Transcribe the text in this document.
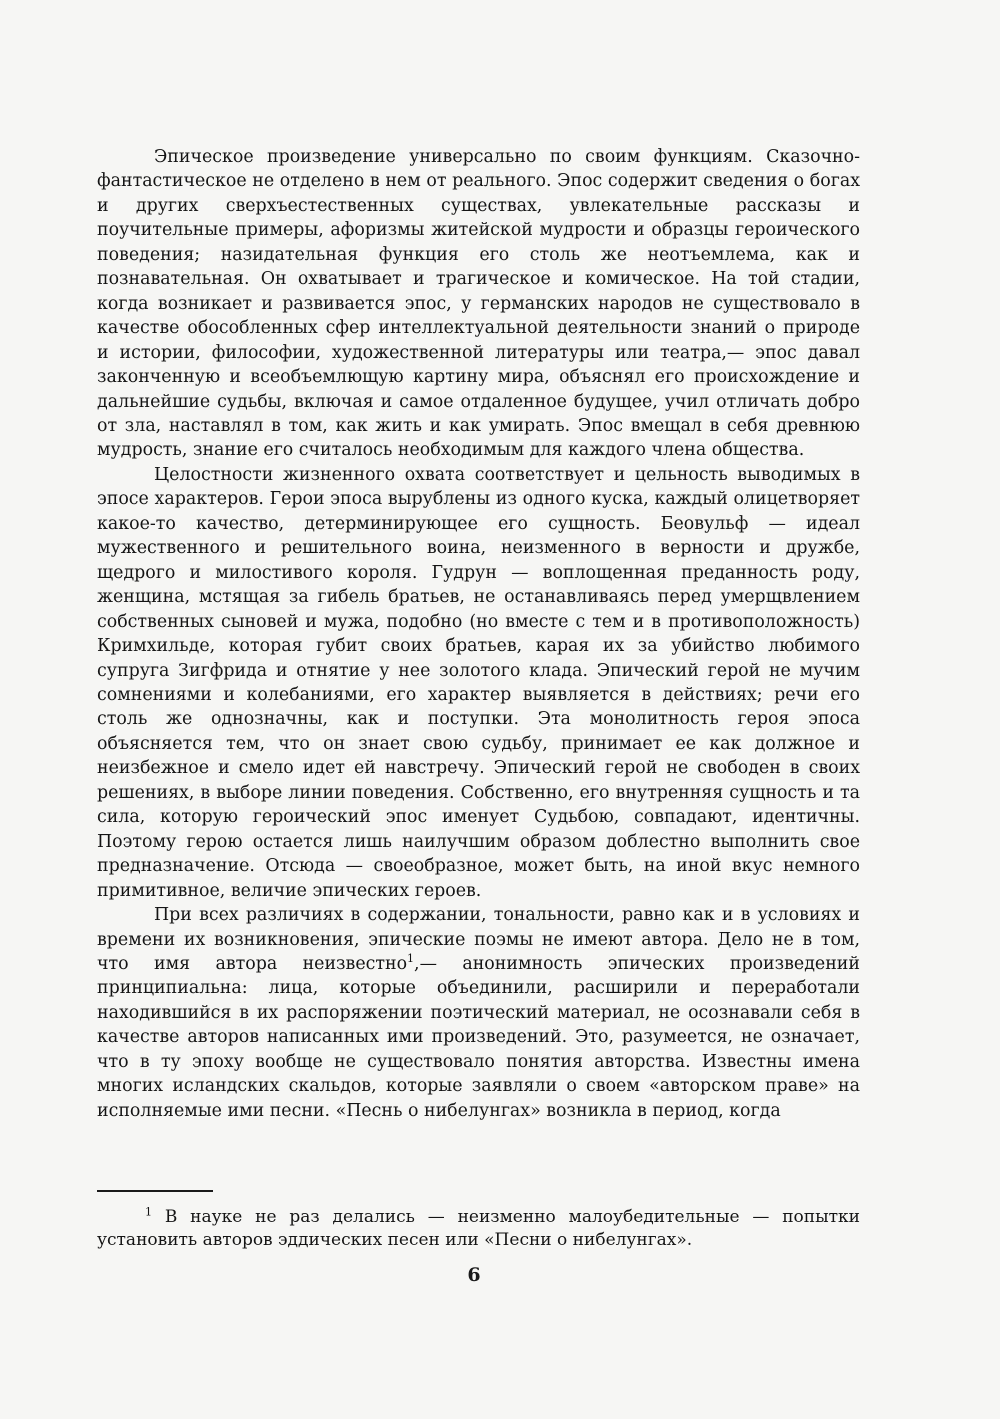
Эпическое произведение универсально по своим функциям. Сказочно-фантастическое не отделено в нем от реального. Эпос содержит сведения о богах и других сверхъестественных существах, увлекательные рассказы и поучительные примеры, афоризмы житейской мудрости и образцы героического поведения; назидательная функция его столь же неотъемлема, как и познавательная. Он охватывает и трагическое и комическое. На той стадии, когда возникает и развивается эпос, у германских народов не существовало в качестве обособленных сфер интеллектуальной деятельности знаний о природе и истории, философии, художественной литературы или театра,— эпос давал законченную и всеобъемлющую картину мира, объяснял его происхождение и дальнейшие судьбы, включая и самое отдаленное будущее, учил отличать добро от зла, наставлял в том, как жить и как умирать. Эпос вмещал в себя древнюю мудрость, знание его считалось необходимым для каждого члена общества.

Целостности жизненного охвата соответствует и цельность выводимых в эпосе характеров. Герои эпоса вырублены из одного куска, каждый олицетворяет какое-то качество, детерминирующее его сущность. Беовульф — идеал мужественного и решительного воина, неизменного в верности и дружбе, щедрого и милостивого короля. Гудрун — воплощенная преданность роду, женщина, мстящая за гибель братьев, не останавливаясь перед умерщвлением собственных сыновей и мужа, подобно (но вместе с тем и в противоположность) Кримхильде, которая губит своих братьев, карая их за убийство любимого супруга Зигфрида и отнятие у нее золотого клада. Эпический герой не мучим сомнениями и колебаниями, его характер выявляется в действиях; речи его столь же однозначны, как и поступки. Эта монолитность героя эпоса объясняется тем, что он знает свою судьбу, принимает ее как должное и неизбежное и смело идет ей навстречу. Эпический герой не свободен в своих решениях, в выборе линии поведения. Собственно, его внутренняя сущность и та сила, которую героический эпос именует Судьбою, совпадают, идентичны. Поэтому герою остается лишь наилучшим образом доблестно выполнить свое предназначение. Отсюда — своеобразное, может быть, на иной вкус немного примитивное, величие эпических героев.

При всех различиях в содержании, тональности, равно как и в условиях и времени их возникновения, эпические поэмы не имеют автора. Дело не в том, что имя автора неизвестно$^1$,— анонимность эпических произведений принципиальна: лица, которые объединили, расширили и переработали находившийся в их распоряжении поэтический материал, не осознавали себя в качестве авторов написанных ими произведений. Это, разумеется, не означает, что в ту эпоху вообще не существовало понятия авторства. Известны имена многих исландских скальдов, которые заявляли о своем «авторском праве» на исполняемые ими песни. «Песнь о нибелунгах» возникла в период, когда

$^1$ В науке не раз делались — неизменно малоубедительные — попытки установить авторов эддических песен или «Песни о нибелунгах».

6
